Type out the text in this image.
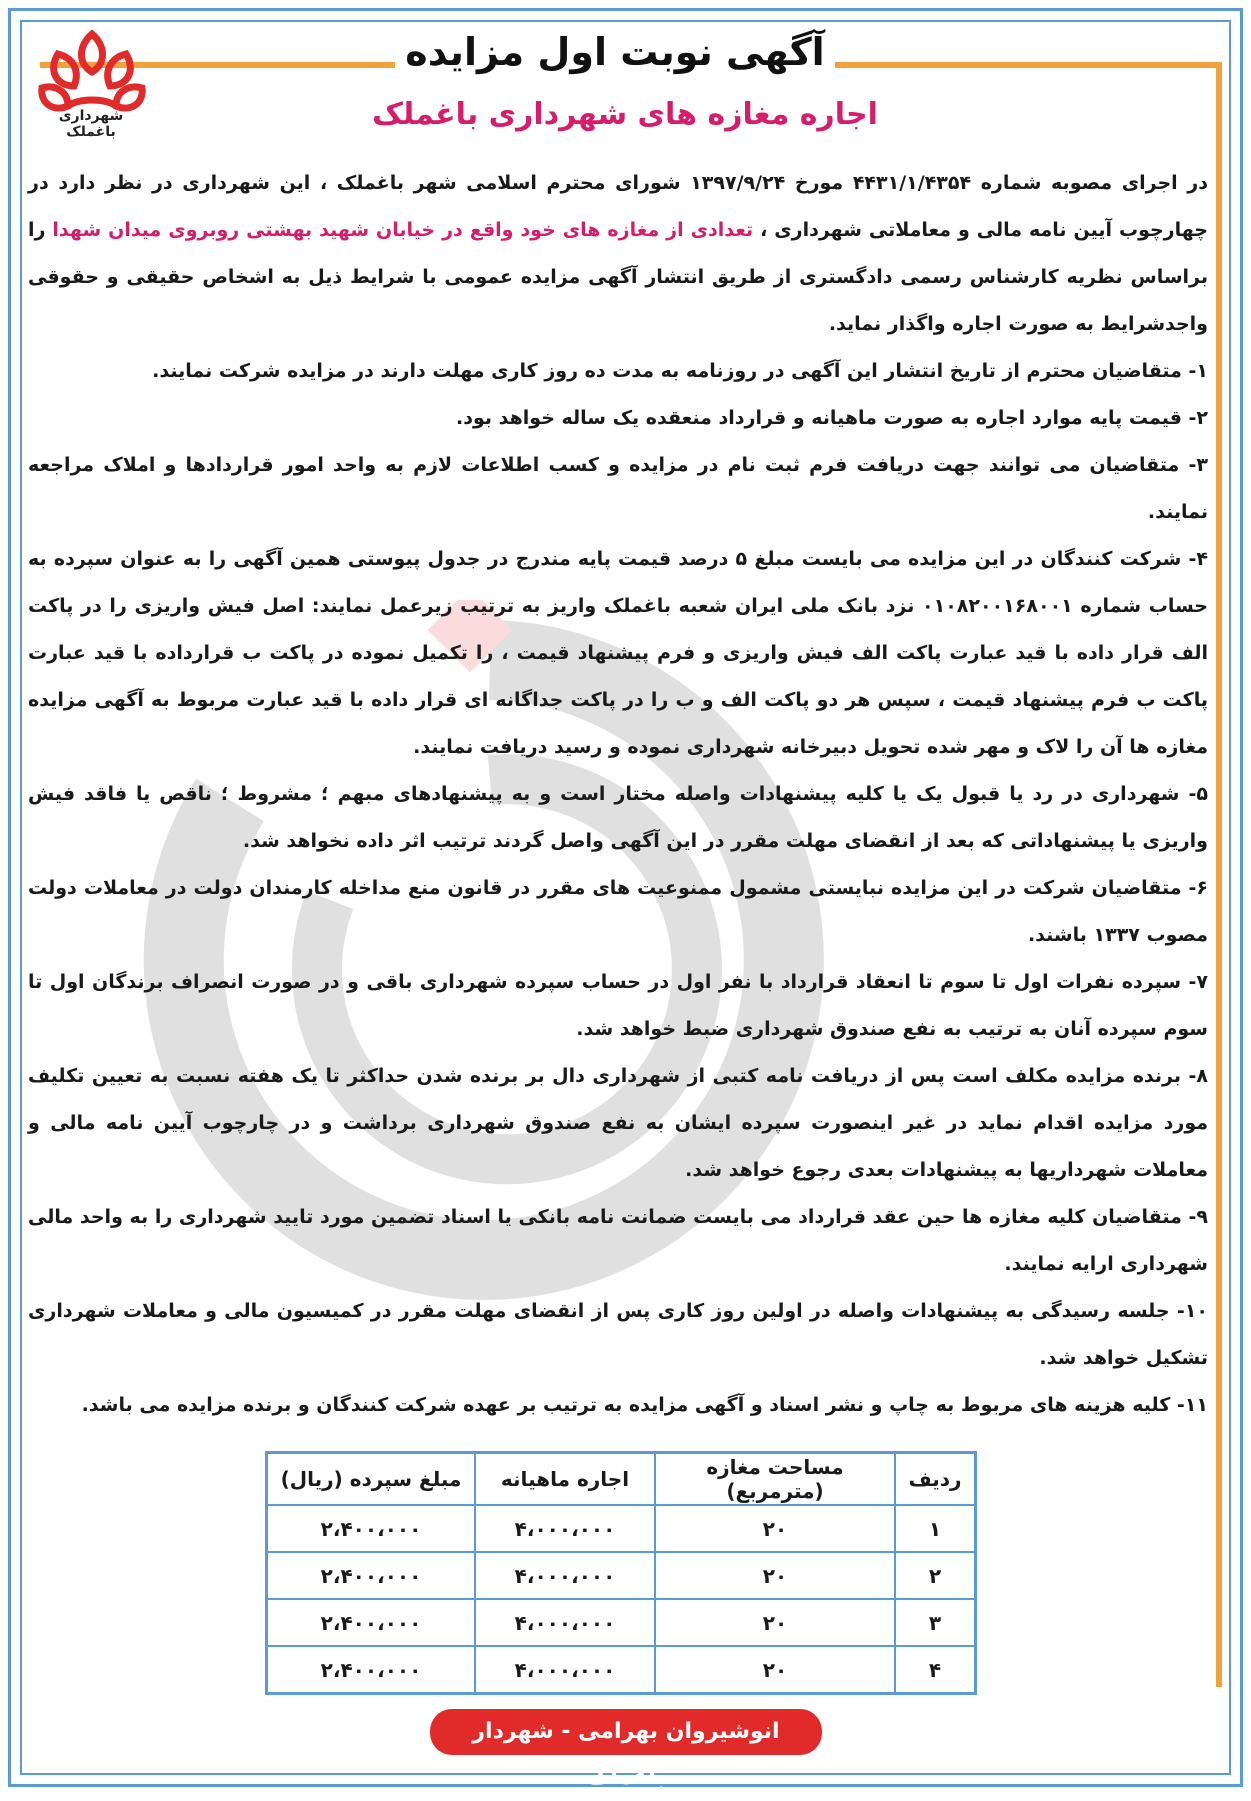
شهرداری باغملک
آگهی نوبت اول مزایده
اجاره مغازه های شهرداری باغملک

در اجرای مصوبه شماره ۴۴۳۱/۱/۴۳۵۴ مورخ ۱۳۹۷/۹/۲۴ شورای محترم اسلامی شهر باغملک ، این شهرداری در نظر دارد در چهارچوب آیین نامه مالی و معاملاتی شهرداری ، تعدادی از مغازه های خود واقع در خیابان شهید بهشتی روبروی میدان شهدا را براساس نظریه کارشناس رسمی دادگستری از طریق انتشار آگهی مزایده عمومی با شرایط ذیل به اشخاص حقیقی و حقوقی واجدشرایط به صورت اجاره واگذار نماید.

۱- متقاضیان محترم از تاریخ انتشار این آگهی در روزنامه به مدت ده روز کاری مهلت دارند در مزایده شرکت نمایند.
۲- قیمت پایه موارد اجاره به صورت ماهیانه و قرارداد منعقده یک ساله خواهد بود.
۳- متقاضیان می توانند جهت دریافت فرم ثبت نام در مزایده و کسب اطلاعات لازم به واحد امور قراردادها و املاک مراجعه نمایند.
۴- شرکت کنندگان در این مزایده می بایست مبلغ ۵ درصد قیمت پایه مندرج در جدول پیوستی همین آگهی را به عنوان سپرده به حساب شماره ۰۱۰۸۲۰۰۱۶۸۰۰۱ نزد بانک ملی ایران شعبه باغملک واریز به ترتیب زیرعمل نمایند: اصل فیش واریزی را در پاکت الف قرار داده با قید عبارت پاکت الف فیش واریزی و فرم پیشنهاد قیمت ، را تکمیل نموده در پاکت ب قرارداده با قید عبارت پاکت ب فرم پیشنهاد قیمت ، سپس هر دو پاکت الف و ب را در پاکت جداگانه ای قرار داده با قید عبارت مربوط به آگهی مزایده مغازه ها آن را لاک و مهر شده تحویل دبیرخانه شهرداری نموده و رسید دریافت نمایند.
۵- شهرداری در رد یا قبول یک یا کلیه پیشنهادات واصله مختار است و به پیشنهادهای مبهم ؛ مشروط ؛ ناقص یا فاقد فیش واریزی یا پیشنهاداتی که بعد از انقضای مهلت مقرر در این آگهی واصل گردند ترتیب اثر داده نخواهد شد.
۶- متقاضیان شرکت در این مزایده نبایستی مشمول ممنوعیت های مقرر در قانون منع مداخله کارمندان دولت در معاملات دولت مصوب ۱۳۳۷ باشند.
۷- سپرده نفرات اول تا سوم تا انعقاد قرارداد با نفر اول در حساب سپرده شهرداری باقی و در صورت انصراف برندگان اول تا سوم سپرده آنان به ترتیب به نفع صندوق شهرداری ضبط خواهد شد.
۸- برنده مزایده مکلف است پس از دریافت نامه کتبی از شهرداری دال بر برنده شدن حداکثر تا یک هفته نسبت به تعیین تکلیف مورد مزایده اقدام نماید در غیر اینصورت سپرده ایشان به نفع صندوق شهرداری برداشت و در چارچوب آیین نامه مالی و معاملات شهرداریها به پیشنهادات بعدی رجوع خواهد شد.
۹- متقاضیان کلیه مغازه ها حین عقد قرارداد می بایست ضمانت نامه بانکی یا اسناد تضمین مورد تایید شهرداری را به واحد مالی شهرداری ارایه نمایند.
۱۰- جلسه رسیدگی به پیشنهادات واصله در اولین روز کاری پس از انقضای مهلت مقرر در کمیسیون مالی و معاملات شهرداری تشکیل خواهد شد.
۱۱- کلیه هزینه های مربوط به چاپ و نشر اسناد و آگهی مزایده به ترتیب بر عهده شرکت کنندگان و برنده مزایده می باشد.
ردیف	مساحت مغازه (مترمربع)	اجاره ماهیانه	مبلغ سپرده (ریال)
۱	۲۰	۴،۰۰۰،۰۰۰	۲،۴۰۰،۰۰۰
۲	۲۰	۴،۰۰۰،۰۰۰	۲،۴۰۰،۰۰۰
۳	۲۰	۴،۰۰۰،۰۰۰	۲،۴۰۰،۰۰۰
۴	۲۰	۴،۰۰۰،۰۰۰	۲،۴۰۰،۰۰۰
انوشیروان بهرامی - شهردار باغملک
